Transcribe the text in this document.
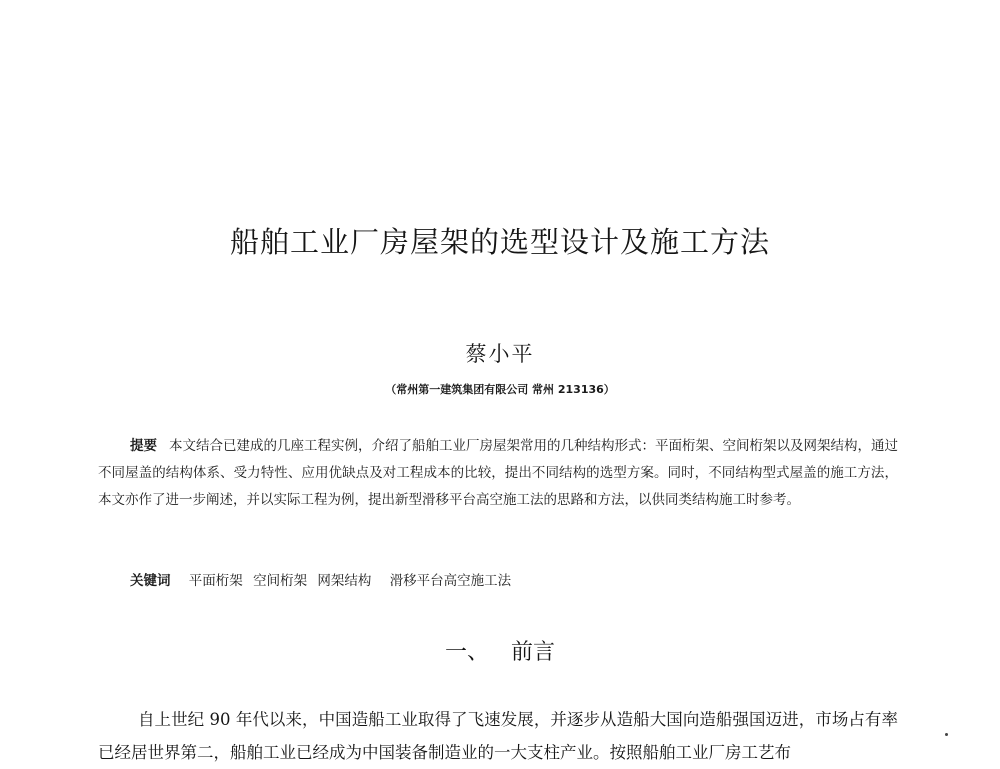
船舶工业厂房屋架的选型设计及施工方法
蔡小平
（常州第一建筑集团有限公司 常州 213136）
提要 本文结合已建成的几座工程实例，介绍了船舶工业厂房屋架常用的几种结构形式：平面桁架、空间桁架以及网架结构，通过不同屋盖的结构体系、受力特性、应用优缺点及对工程成本的比较，提出不同结构的选型方案。同时，不同结构型式屋盖的施工方法，本文亦作了进一步阐述，并以实际工程为例，提出新型滑移平台高空施工法的思路和方法，以供同类结构施工时参考。
关键词 平面桁架 空间桁架 网架结构 滑移平台高空施工法
一、 前言
自上世纪 90 年代以来，中国造船工业取得了飞速发展，并逐步从造船大国向造船强国迈进，市场占有率已经居世界第二，船舶工业已经成为中国装备制造业的一大支柱产业。按照船舶工业厂房工艺布
